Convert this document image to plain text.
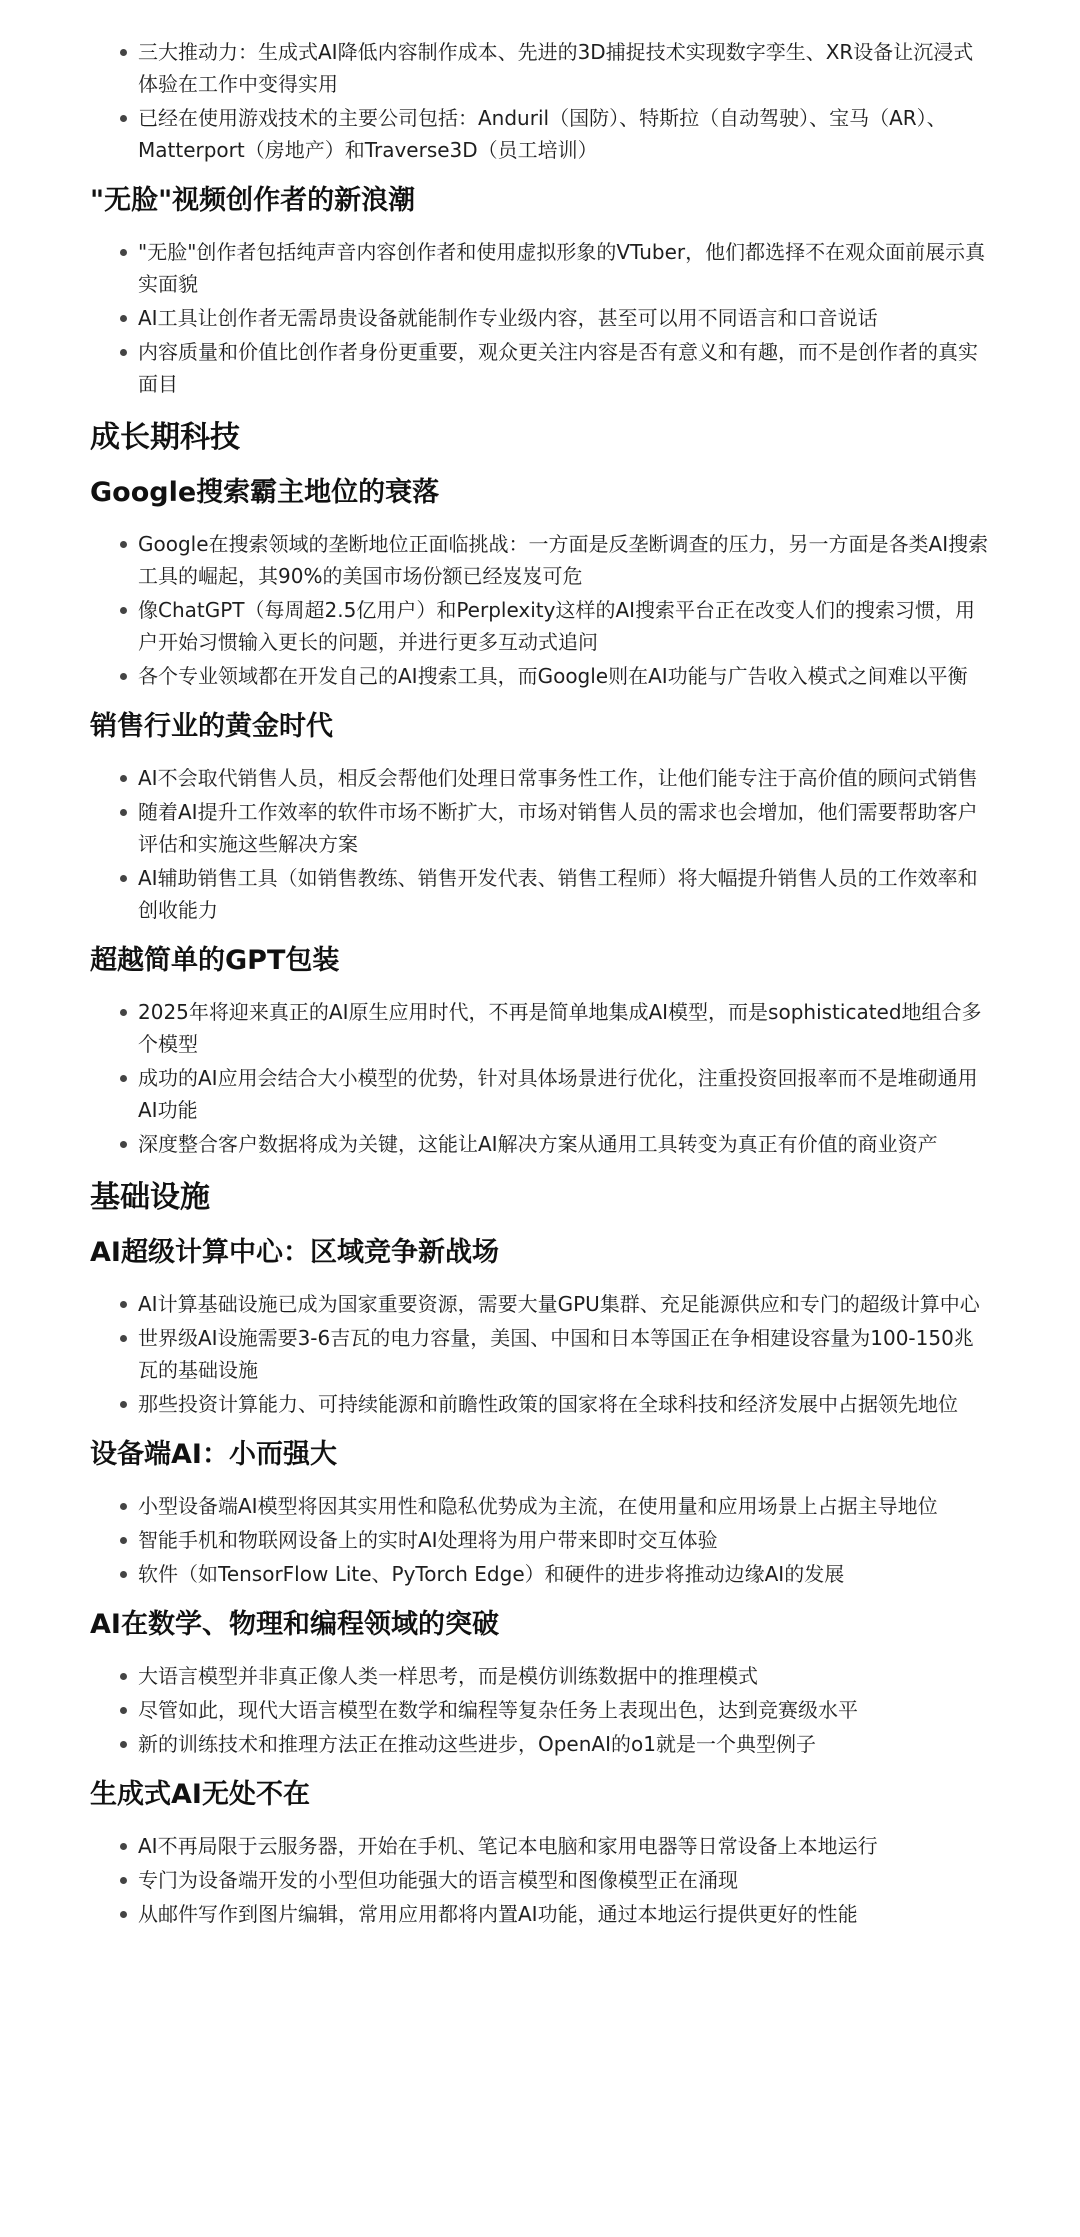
三大推动力：生成式AI降低内容制作成本、先进的3D捕捉技术实现数字孪生、XR设备让沉浸式体验在工作中变得实用
已经在使用游戏技术的主要公司包括：Anduril（国防）、特斯拉（自动驾驶）、宝马（AR）、Matterport（房地产）和Traverse3D（员工培训）
"无脸"视频创作者的新浪潮
"无脸"创作者包括纯声音内容创作者和使用虚拟形象的VTuber，他们都选择不在观众面前展示真实面貌
AI工具让创作者无需昂贵设备就能制作专业级内容，甚至可以用不同语言和口音说话
内容质量和价值比创作者身份更重要，观众更关注内容是否有意义和有趣，而不是创作者的真实面目
成长期科技
Google搜索霸主地位的衰落
Google在搜索领域的垄断地位正面临挑战：一方面是反垄断调查的压力，另一方面是各类AI搜索工具的崛起，其90%的美国市场份额已经岌岌可危
像ChatGPT（每周超2.5亿用户）和Perplexity这样的AI搜索平台正在改变人们的搜索习惯，用户开始习惯输入更长的问题，并进行更多互动式追问
各个专业领域都在开发自己的AI搜索工具，而Google则在AI功能与广告收入模式之间难以平衡
销售行业的黄金时代
AI不会取代销售人员，相反会帮他们处理日常事务性工作，让他们能专注于高价值的顾问式销售
随着AI提升工作效率的软件市场不断扩大，市场对销售人员的需求也会增加，他们需要帮助客户评估和实施这些解决方案
AI辅助销售工具（如销售教练、销售开发代表、销售工程师）将大幅提升销售人员的工作效率和创收能力
超越简单的GPT包装
2025年将迎来真正的AI原生应用时代，不再是简单地集成AI模型，而是sophisticated地组合多个模型
成功的AI应用会结合大小模型的优势，针对具体场景进行优化，注重投资回报率而不是堆砌通用AI功能
深度整合客户数据将成为关键，这能让AI解决方案从通用工具转变为真正有价值的商业资产
基础设施
AI超级计算中心：区域竞争新战场
AI计算基础设施已成为国家重要资源，需要大量GPU集群、充足能源供应和专门的超级计算中心
世界级AI设施需要3-6吉瓦的电力容量，美国、中国和日本等国正在争相建设容量为100-150兆瓦的基础设施
那些投资计算能力、可持续能源和前瞻性政策的国家将在全球科技和经济发展中占据领先地位
设备端AI：小而强大
小型设备端AI模型将因其实用性和隐私优势成为主流，在使用量和应用场景上占据主导地位
智能手机和物联网设备上的实时AI处理将为用户带来即时交互体验
软件（如TensorFlow Lite、PyTorch Edge）和硬件的进步将推动边缘AI的发展
AI在数学、物理和编程领域的突破
大语言模型并非真正像人类一样思考，而是模仿训练数据中的推理模式
尽管如此，现代大语言模型在数学和编程等复杂任务上表现出色，达到竞赛级水平
新的训练技术和推理方法正在推动这些进步，OpenAI的o1就是一个典型例子
生成式AI无处不在
AI不再局限于云服务器，开始在手机、笔记本电脑和家用电器等日常设备上本地运行
专门为设备端开发的小型但功能强大的语言模型和图像模型正在涌现
从邮件写作到图片编辑，常用应用都将内置AI功能，通过本地运行提供更好的性能
